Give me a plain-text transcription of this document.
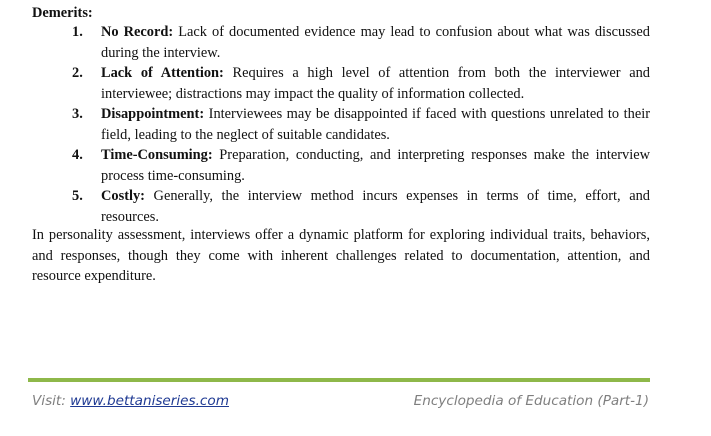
Demerits:

1. No Record: Lack of documented evidence may lead to confusion about what was discussed during the interview.
2. Lack of Attention: Requires a high level of attention from both the interviewer and interviewee; distractions may impact the quality of information collected.
3. Disappointment: Interviewees may be disappointed if faced with questions unrelated to their field, leading to the neglect of suitable candidates.
4. Time-Consuming: Preparation, conducting, and interpreting responses make the interview process time-consuming.
5. Costly: Generally, the interview method incurs expenses in terms of time, effort, and resources.

In personality assessment, interviews offer a dynamic platform for exploring individual traits, behaviors, and responses, though they come with inherent challenges related to documentation, attention, and resource expenditure.

Visit: www.bettaniseries.com	Encyclopedia of Education (Part-1)
